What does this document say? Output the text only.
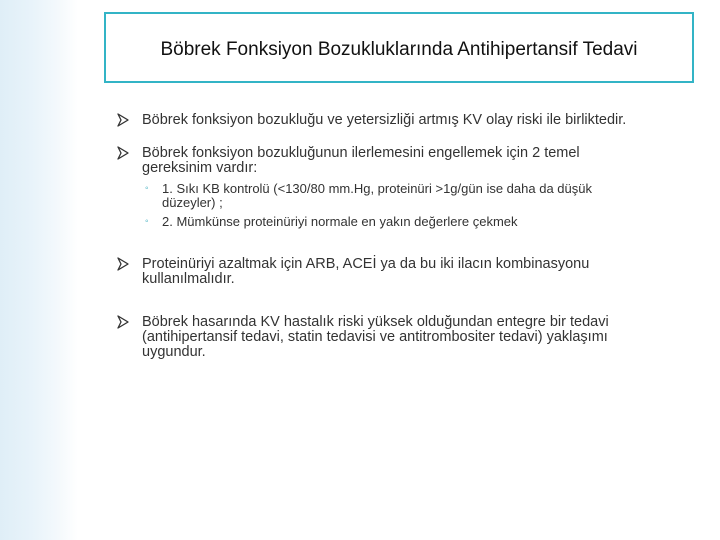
Böbrek Fonksiyon Bozukluklarında Antihipertansif Tedavi
Böbrek fonksiyon bozukluğu ve yetersizliği artmış KV olay riski ile birliktedir.
Böbrek fonksiyon bozukluğunun ilerlemesini engellemek için 2 temel gereksinim vardır:
◦ 1. Sıkı KB kontrolü (<130/80 mm.Hg, proteinüri >1g/gün ise daha da düşük düzeyler) ;
◦ 2. Mümkünse proteinüriyi normale en yakın değerlere çekmek
Proteinüriyi azaltmak için ARB, ACEİ ya da bu iki ilacın kombinasyonu kullanılmalıdır.
Böbrek hasarında KV hastalık riski yüksek olduğundan entegre bir tedavi (antihipertansif tedavi, statin tedavisi ve antitrombositer tedavi) yaklaşımı uygundur.
